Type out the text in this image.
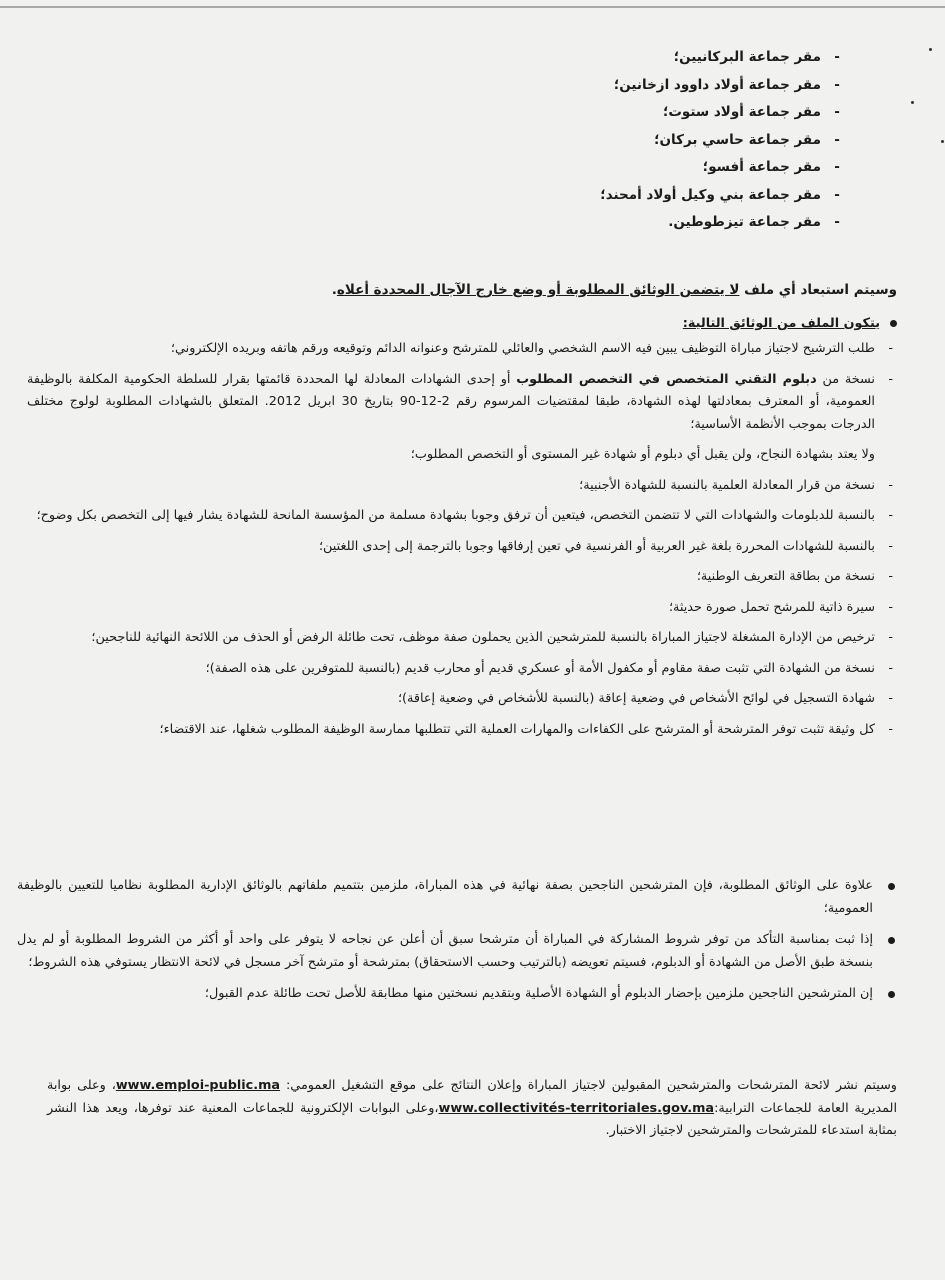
-مقر جماعة البركانيين؛
-مقر جماعة أولاد داوود ازخانين؛
-مقر جماعة أولاد ستوت؛
-مقر جماعة حاسي بركان؛
-مقر جماعة أفسو؛
-مقر جماعة بني وكيل أولاد أمحند؛
-مقر جماعة تيزطوطين.
وسيتم استبعاد أي ملف لا يتضمن الوثائق المطلوبة أو وضع خارج الآجال المحددة أعلاه.
يتكون الملف من الوثائق التالية:
-
طلب الترشيح لاجتياز مباراة التوظيف يبين فيه الاسم الشخصي والعائلي للمترشح وعنوانه الدائم وتوقيعه ورقم هاتفه وبريده الإلكتروني؛
-
نسخة من دبلوم التقني المتخصص في التخصص المطلوب أو إحدى الشهادات المعادلة لها المحددة قائمتها بقرار للسلطة الحكومية المكلفة بالوظيفة العمومية، أو المعترف بمعادلتها لهذه الشهادة، طبقا لمقتضيات المرسوم رقم 2-12-90 بتاريخ 30 ابريل 2012. المتعلق بالشهادات المطلوبة لولوج مختلف الدرجات بموجب الأنظمة الأساسية؛
ولا يعتد بشهادة النجاح، ولن يقبل أي دبلوم أو شهادة غير المستوى أو التخصص المطلوب؛
-
نسخة من قرار المعادلة العلمية بالنسبة للشهادة الأجنبية؛
-
بالنسبة للدبلومات والشهادات التي لا تتضمن التخصص، فيتعين أن ترفق وجوبا بشهادة مسلمة من المؤسسة المانحة للشهادة يشار فيها إلى التخصص بكل وضوح؛
-
بالنسبة للشهادات المحررة بلغة غير العربية أو الفرنسية في تعين إرفاقها وجوبا بالترجمة إلى إحدى اللغتين؛
-
نسخة من بطاقة التعريف الوطنية؛
-
سيرة ذاتية للمرشح تحمل صورة حديثة؛
-
ترخيص من الإدارة المشغلة لاجتياز المباراة بالنسبة للمترشحين الذين يحملون صفة موظف، تحت طائلة الرفض أو الحذف من اللائحة النهائية للناجحين؛
-
نسخة من الشهادة التي تثبت صفة مقاوم أو مكفول الأمة أو عسكري قديم أو محارب قديم (بالنسبة للمتوفرين على هذه الصفة)؛
-
شهادة التسجيل في لوائح الأشخاص في وضعية إعاقة (بالنسبة للأشخاص في وضعية إعاقة)؛
-
كل وثيقة تثبت توفر المترشحة أو المترشح على الكفاءات والمهارات العملية التي تتطلبها ممارسة الوظيفة المطلوب شغلها، عند الاقتضاء؛
علاوة على الوثائق المطلوبة، فإن المترشحين الناجحين بصفة نهائية في هذه المباراة، ملزمين بتتميم ملفاتهم بالوثائق الإدارية المطلوبة نظاميا للتعيين بالوظيفة العمومية؛
إذا ثبت بمناسبة التأكد من توفر شروط المشاركة في المباراة أن مترشحا سبق أن أعلن عن نجاحه لا يتوفر على واحد أو أكثر من الشروط المطلوبة أو لم يدل بنسخة طبق الأصل من الشهادة أو الدبلوم، فسيتم تعويضه (بالترتيب وحسب الاستحقاق) بمترشحة أو مترشح آخر مسجل في لائحة الانتظار يستوفي هذه الشروط؛
إن المترشحين الناجحين ملزمين بإحضار الدبلوم أو الشهادة الأصلية وبتقديم نسختين منها مطابقة للأصل تحت طائلة عدم القبول؛
وسيتم نشر لائحة المترشحات والمترشحين المقبولين لاجتياز المباراة وإعلان النتائج على موقع التشغيل العمومي: www.emploi-public.ma، وعلى بوابة المديرية العامة للجماعات الترابية:www.collectivités-territoriales.gov.ma،وعلى البوابات الإلكترونية للجماعات المعنية عند توفرها، ويعد هذا النشر بمثابة استدعاء للمترشحات والمترشحين لاجتياز الاختبار.
